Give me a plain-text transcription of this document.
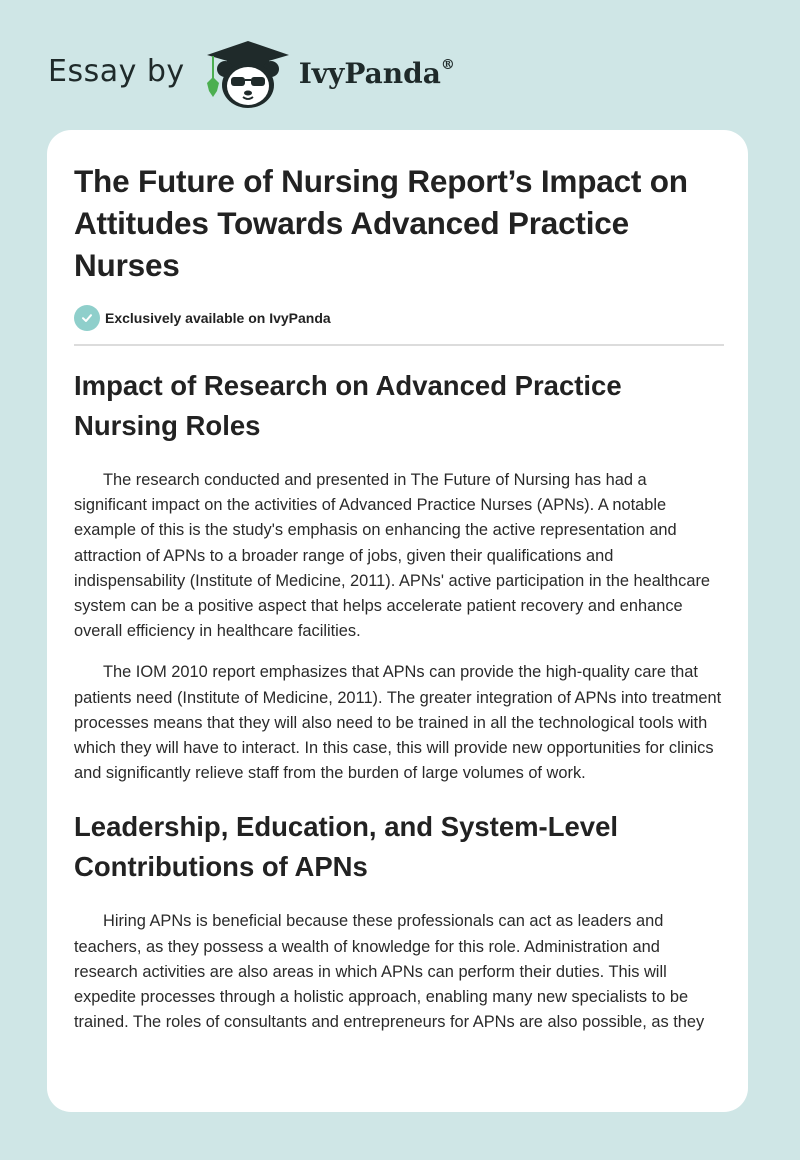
Essay by	IvyPanda®
The Future of Nursing Report’s Impact on Attitudes Towards Advanced Practice Nurses
Exclusively available on IvyPanda
Impact of Research on Advanced Practice Nursing Roles

The research conducted and presented in The Future of Nursing has had a significant impact on the activities of Advanced Practice Nurses (APNs). A notable example of this is the study's emphasis on enhancing the active representation and attraction of APNs to a broader range of jobs, given their qualifications and indispensability (Institute of Medicine, 2011). APNs' active participation in the healthcare system can be a positive aspect that helps accelerate patient recovery and enhance overall efficiency in healthcare facilities.

The IOM 2010 report emphasizes that APNs can provide the high-quality care that patients need (Institute of Medicine, 2011). The greater integration of APNs into treatment processes means that they will also need to be trained in all the technological tools with which they will have to interact. In this case, this will provide new opportunities for clinics and significantly relieve staff from the burden of large volumes of work.

Leadership, Education, and System-Level Contributions of APNs

Hiring APNs is beneficial because these professionals can act as leaders and teachers, as they possess a wealth of knowledge for this role. Administration and research activities are also areas in which APNs can perform their duties. This will expedite processes through a holistic approach, enabling many new specialists to be trained. The roles of consultants and entrepreneurs for APNs are also possible, as they
